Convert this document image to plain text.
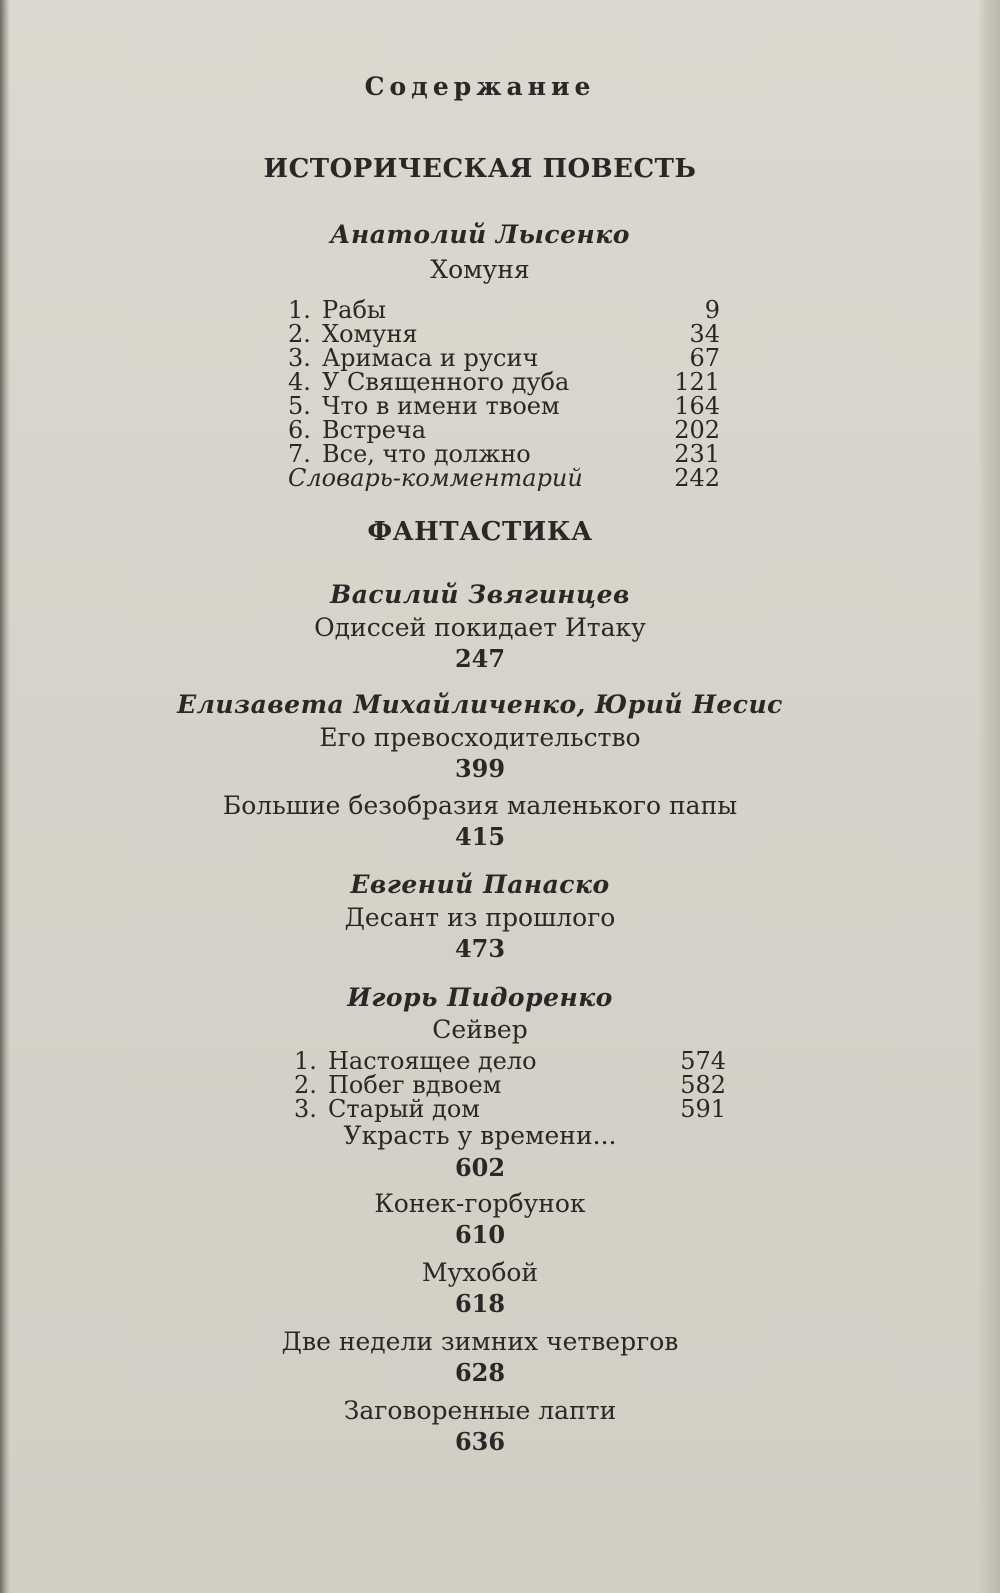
Содержание
ИСТОРИЧЕСКАЯ ПОВЕСТЬ
Анатолий Лысенко
Хомуня
1. Рабы	9
2. Хомуня	34
3. Аримаса и русич	67
4. У Священного дуба	121
5. Что в имени твоем	164
6. Встреча	202
7. Все, что должно	231
Словарь-комментарий	242
ФАНТАСТИКА
Василий Звягинцев
Одиссей покидает Итаку
247
Елизавета Михайличенко, Юрий Несис
Его превосходительство
399
Большие безобразия маленького папы
415
Евгений Панаско
Десант из прошлого
473
Игорь Пидоренко
Сейвер
1. Настоящее дело	574
2. Побег вдвоем	582
3. Старый дом	591
Украсть у времени...
602
Конек-горбунок
610
Мухобой
618
Две недели зимних четвергов
628
Заговоренные лапти
636
